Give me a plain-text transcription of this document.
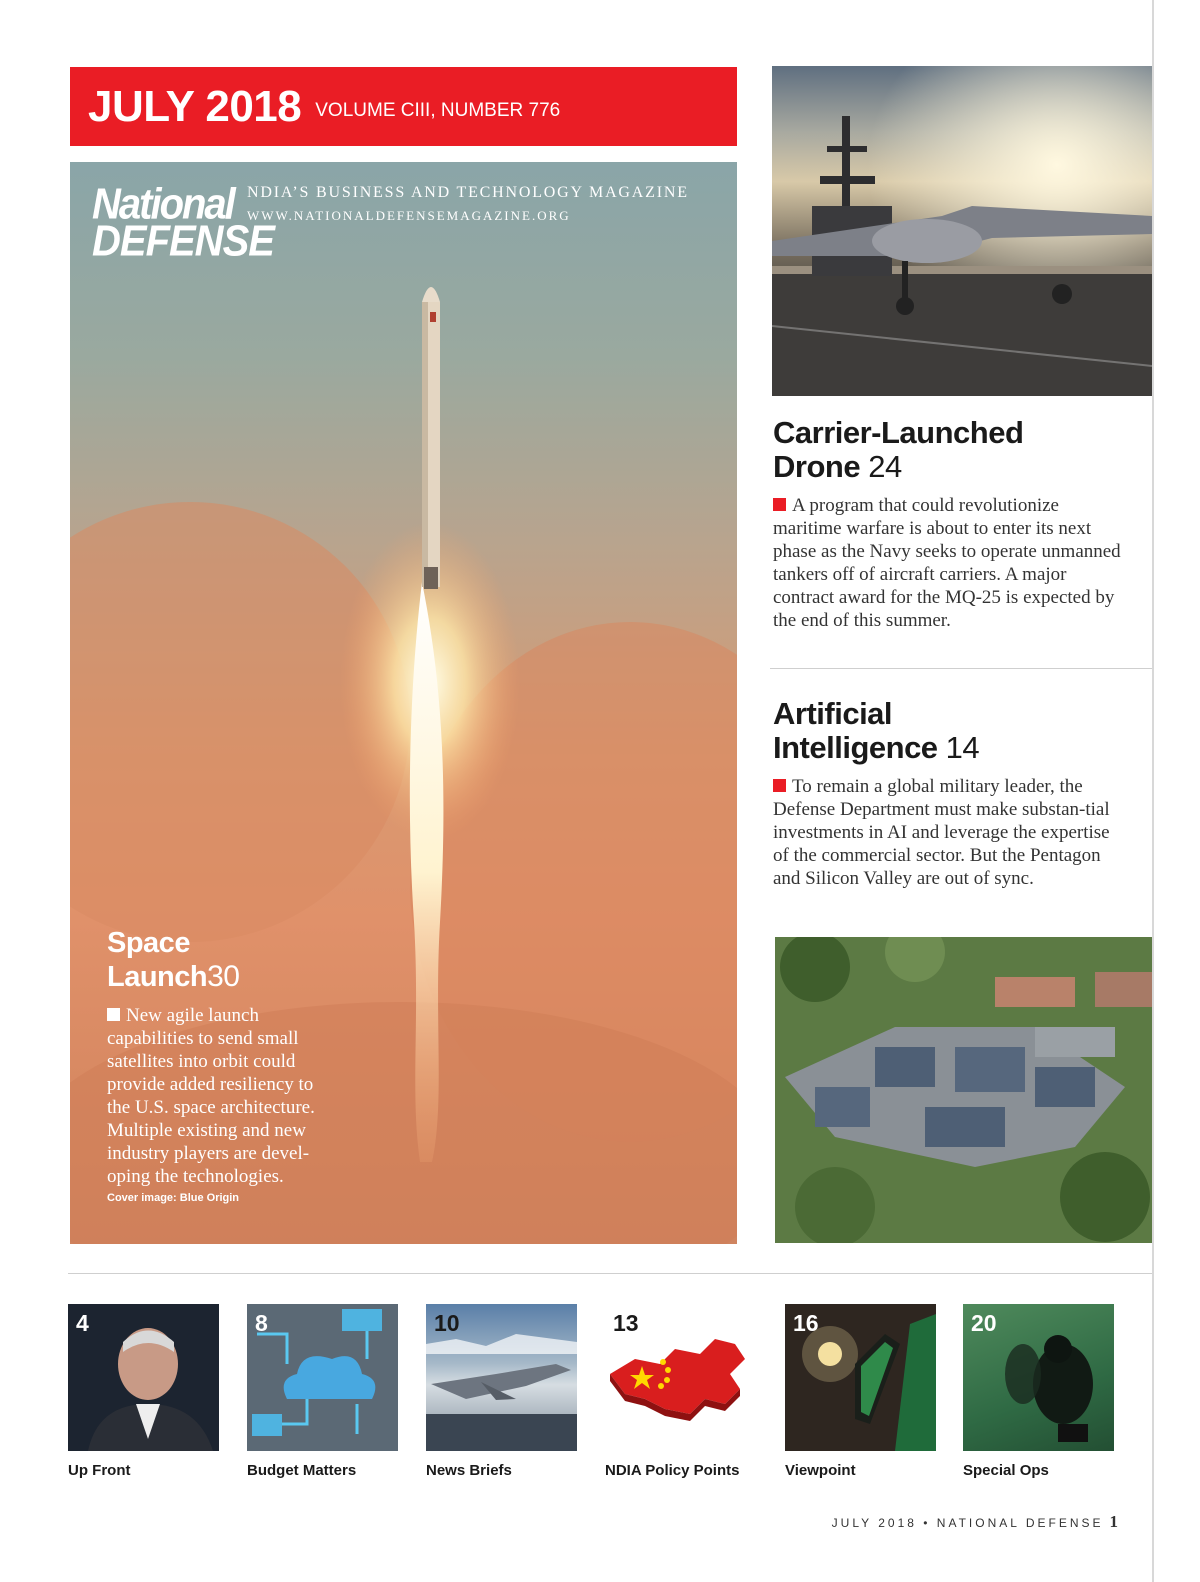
JULY 2018 VOLUME CIII, NUMBER 776
National
DEFENSE
NDIA’S BUSINESS AND TECHNOLOGY MAGAZINE
WWW.NATIONALDEFENSEMAGAZINE.ORG
Space
Launch30
New agile launch capabilities to send small satellites into orbit could provide added resiliency to the U.S. space architecture. Multiple existing and new industry players are devel-oping the technologies.
Cover image: Blue Origin
Carrier-Launched
Drone 24
A program that could revolutionize maritime warfare is about to enter its next phase as the Navy seeks to operate unmanned tankers off of aircraft carriers. A major contract award for the MQ-25 is expected by the end of this summer.
Artificial
Intelligence 14
To remain a global military leader, the Defense Department must make substan-tial investments in AI and leverage the expertise of the commercial sector. But the Pentagon and Silicon Valley are out of sync.
4
Up Front
8
Budget Matters
10
News Briefs
13
NDIA Policy Points
16
Viewpoint
20
Special Ops
JULY 2018 • NATIONAL DEFENSE 1
